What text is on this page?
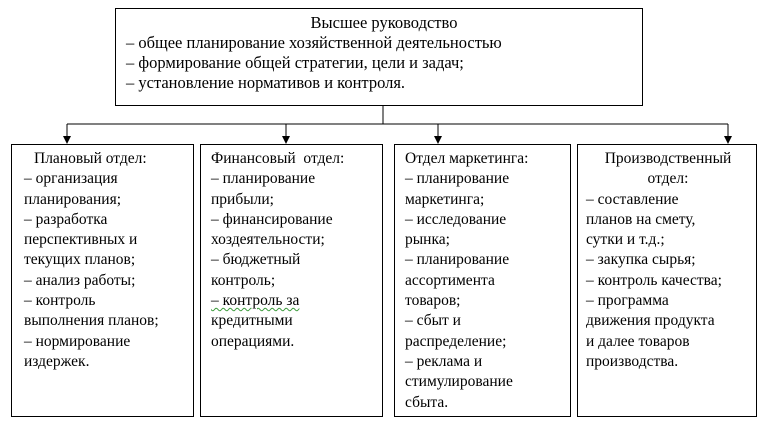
Высшее руководство
– общее планирование хозяйственной деятельностью
– формирование общей стратегии, цели и задач;
– установление нормативов и контроля.
Плановый отдел:
– организация
планирования;
– разработка
перспективных и
текущих планов;
– анализ работы;
– контроль
выполнения планов;
– нормирование
издержек.
Финансовый  отдел:
– планирование
прибыли;
– финансирование
хоздеятельности;
– бюджетный
контроль;
– контроль за
кредитными
операциями.
Отдел маркетинга:
– планирование
маркетинга;
– исследование
рынка;
– планирование
ассортимента
товаров;
– сбыт и
распределение;
– реклама и
стимулирование
сбыта.
Производственный
отдел:
– составление
планов на смету,
сутки и т.д.;
– закупка сырья;
– контроль качества;
– программа
движения продукта
и далее товаров
производства.
